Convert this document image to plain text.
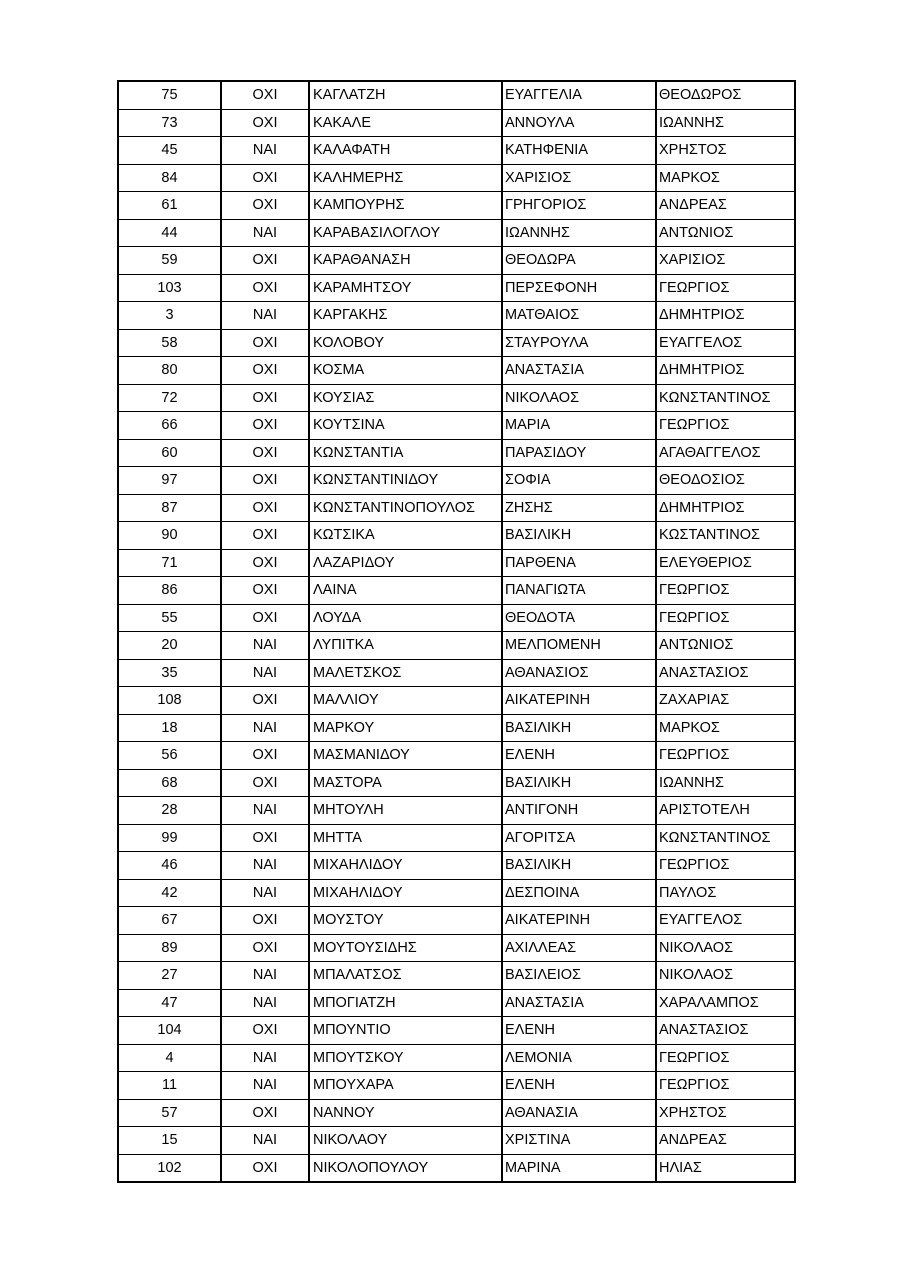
75	ΟΧΙ	ΚΑΓΛΑΤΖΗ	ΕΥΑΓΓΕΛΙΑ	ΘΕΟΔΩΡΟΣ
73	ΟΧΙ	ΚΑΚΑΛΕ	ΑΝΝΟΥΛΑ	ΙΩΑΝΝΗΣ
45	ΝΑΙ	ΚΑΛΑΦΑΤΗ	ΚΑΤΗΦΕΝΙΑ	ΧΡΗΣΤΟΣ
84	ΟΧΙ	ΚΑΛΗΜΕΡΗΣ	ΧΑΡΙΣΙΟΣ	ΜΑΡΚΟΣ
61	ΟΧΙ	ΚΑΜΠΟΥΡΗΣ	ΓΡΗΓΟΡΙΟΣ	ΑΝΔΡΕΑΣ
44	ΝΑΙ	ΚΑΡΑΒΑΣΙΛΟΓΛΟΥ	ΙΩΑΝΝΗΣ	ΑΝΤΩΝΙΟΣ
59	ΟΧΙ	ΚΑΡΑΘΑΝΑΣΗ	ΘΕΟΔΩΡΑ	ΧΑΡΙΣΙΟΣ
103	ΟΧΙ	ΚΑΡΑΜΗΤΣΟΥ	ΠΕΡΣΕΦΟΝΗ	ΓΕΩΡΓΙΟΣ
3	ΝΑΙ	ΚΑΡΓΑΚΗΣ	ΜΑΤΘΑΙΟΣ	ΔΗΜΗΤΡΙΟΣ
58	ΟΧΙ	ΚΟΛΟΒΟΥ	ΣΤΑΥΡΟΥΛΑ	ΕΥΑΓΓΕΛΟΣ
80	ΟΧΙ	ΚΟΣΜΑ	ΑΝΑΣΤΑΣΙΑ	ΔΗΜΗΤΡΙΟΣ
72	ΟΧΙ	ΚΟΥΣΙΑΣ	ΝΙΚΟΛΑΟΣ	ΚΩΝΣΤΑΝΤΙΝΟΣ
66	ΟΧΙ	ΚΟΥΤΣΙΝΑ	ΜΑΡΙΑ	ΓΕΩΡΓΙΟΣ
60	ΟΧΙ	ΚΩΝΣΤΑΝΤΙΑ	ΠΑΡΑΣΙΔΟΥ	ΑΓΑΘΑΓΓΕΛΟΣ
97	ΟΧΙ	ΚΩΝΣΤΑΝΤΙΝΙΔΟΥ	ΣΟΦΙΑ	ΘΕΟΔΟΣΙΟΣ
87	ΟΧΙ	ΚΩΝΣΤΑΝΤΙΝΟΠΟΥΛΟΣ	ΖΗΣΗΣ	ΔΗΜΗΤΡΙΟΣ
90	ΟΧΙ	ΚΩΤΣΙΚΑ	ΒΑΣΙΛΙΚΗ	ΚΩΣΤΑΝΤΙΝΟΣ
71	ΟΧΙ	ΛΑΖΑΡΙΔΟΥ	ΠΑΡΘΕΝΑ	ΕΛΕΥΘΕΡΙΟΣ
86	ΟΧΙ	ΛΑΙΝΑ	ΠΑΝΑΓΙΩΤΑ	ΓΕΩΡΓΙΟΣ
55	ΟΧΙ	ΛΟΥΔΑ	ΘΕΟΔΟΤΑ	ΓΕΩΡΓΙΟΣ
20	ΝΑΙ	ΛΥΠΙΤΚΑ	ΜΕΛΠΟΜΕΝΗ	ΑΝΤΩΝΙΟΣ
35	ΝΑΙ	ΜΑΛΕΤΣΚΟΣ	ΑΘΑΝΑΣΙΟΣ	ΑΝΑΣΤΑΣΙΟΣ
108	ΟΧΙ	ΜΑΛΛΙΟΥ	ΑΙΚΑΤΕΡΙΝΗ	ΖΑΧΑΡΙΑΣ
18	ΝΑΙ	ΜΑΡΚΟΥ	ΒΑΣΙΛΙΚΗ	ΜΑΡΚΟΣ
56	ΟΧΙ	ΜΑΣΜΑΝΙΔΟΥ	ΕΛΕΝΗ	ΓΕΩΡΓΙΟΣ
68	ΟΧΙ	ΜΑΣΤΟΡΑ	ΒΑΣΙΛΙΚΗ	ΙΩΑΝΝΗΣ
28	ΝΑΙ	ΜΗΤΟΥΛΗ	ΑΝΤΙΓΟΝΗ	ΑΡΙΣΤΟΤΕΛΗ
99	ΟΧΙ	ΜΗΤΤΑ	ΑΓΟΡΙΤΣΑ	ΚΩΝΣΤΑΝΤΙΝΟΣ
46	ΝΑΙ	ΜΙΧΑΗΛΙΔΟΥ	ΒΑΣΙΛΙΚΗ	ΓΕΩΡΓΙΟΣ
42	ΝΑΙ	ΜΙΧΑΗΛΙΔΟΥ	ΔΕΣΠΟΙΝΑ	ΠΑΥΛΟΣ
67	ΟΧΙ	ΜΟΥΣΤΟΥ	ΑΙΚΑΤΕΡΙΝΗ	ΕΥΑΓΓΕΛΟΣ
89	ΟΧΙ	ΜΟΥΤΟΥΣΙΔΗΣ	ΑΧΙΛΛΕΑΣ	ΝΙΚΟΛΑΟΣ
27	ΝΑΙ	ΜΠΑΛΑΤΣΟΣ	ΒΑΣΙΛΕΙΟΣ	ΝΙΚΟΛΑΟΣ
47	ΝΑΙ	ΜΠΟΓΙΑΤΖΗ	ΑΝΑΣΤΑΣΙΑ	ΧΑΡΑΛΑΜΠΟΣ
104	ΟΧΙ	ΜΠΟΥΝΤΙΟ	ΕΛΕΝΗ	ΑΝΑΣΤΑΣΙΟΣ
4	ΝΑΙ	ΜΠΟΥΤΣΚΟΥ	ΛΕΜΟΝΙΑ	ΓΕΩΡΓΙΟΣ
11	ΝΑΙ	ΜΠΟΥΧΑΡΑ	ΕΛΕΝΗ	ΓΕΩΡΓΙΟΣ
57	ΟΧΙ	ΝΑΝΝΟΥ	ΑΘΑΝΑΣΙΑ	ΧΡΗΣΤΟΣ
15	ΝΑΙ	ΝΙΚΟΛΑΟΥ	ΧΡΙΣΤΙΝΑ	ΑΝΔΡΕΑΣ
102	ΟΧΙ	ΝΙΚΟΛΟΠΟΥΛΟΥ	ΜΑΡΙΝΑ	ΗΛΙΑΣ
